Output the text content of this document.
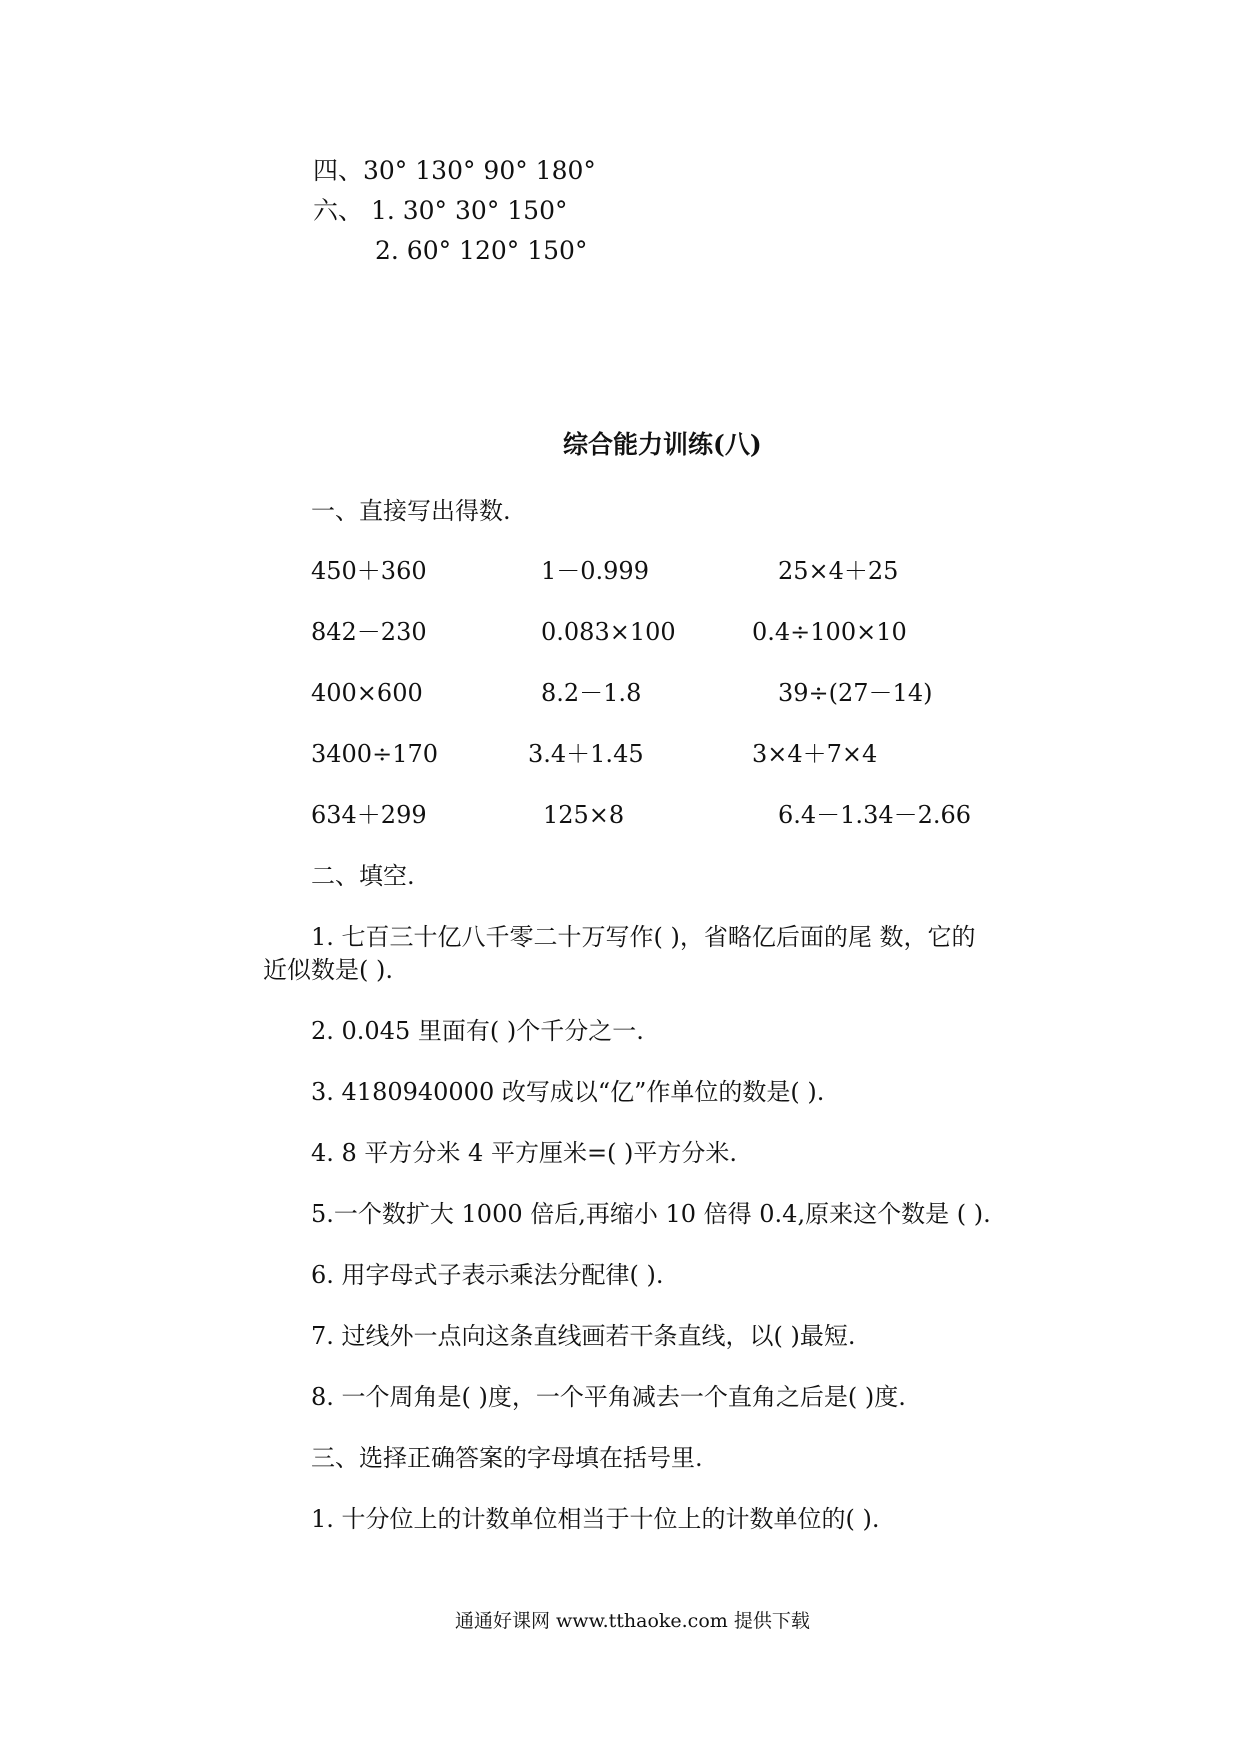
四、30° 130° 90° 180°
六、 1. 30° 30° 150°
2. 60° 120° 150°
综合能力训练(八)
一、直接写出得数.
450＋360	1－0.999	25×4＋25
842－230	0.083×100	0.4÷100×10
400×600	8.2－1.8	39÷(27－14)
3400÷170	3.4＋1.45	3×4＋7×4
634＋299	125×8	6.4－1.34－2.66
二、填空.
1. 七百三十亿八千零二十万写作( )，省略亿后面的尾 数，它的
近似数是( ).
2. 0.045 里面有( )个千分之一.
3. 4180940000 改写成以“亿”作单位的数是( ).
4. 8 平方分米 4 平方厘米=( )平方分米.
5.一个数扩大 1000 倍后,再缩小 10 倍得 0.4,原来这个数是 ( ).
6. 用字母式子表示乘法分配律( ).
7. 过线外一点向这条直线画若干条直线，以( )最短.
8. 一个周角是( )度，一个平角减去一个直角之后是( )度.
三、选择正确答案的字母填在括号里.
1. 十分位上的计数单位相当于十位上的计数单位的( ).
通通好课网 www.tthaoke.com 提供下载
